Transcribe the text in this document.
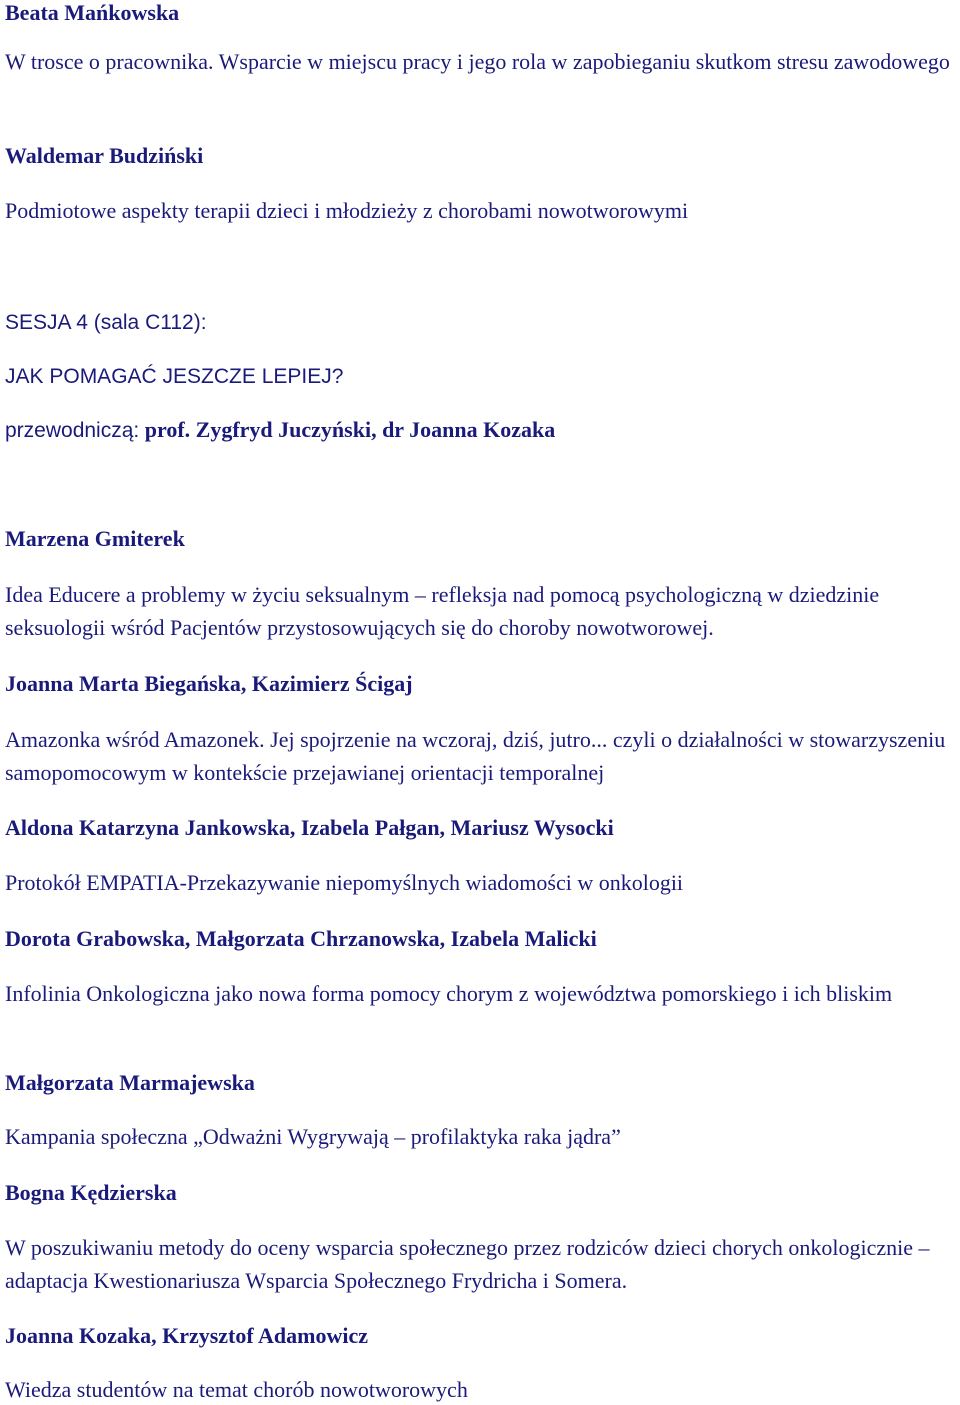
Beata Mańkowska

W trosce o pracownika. Wsparcie w miejscu pracy i jego rola w zapobieganiu skutkom stresu zawodowego

Waldemar Budziński

Podmiotowe aspekty terapii dzieci i młodzieży z chorobami nowotworowymi

SESJA 4 (sala C112):

JAK POMAGAĆ JESZCZE LEPIEJ?

przewodniczą: prof. Zygfryd Juczyński, dr Joanna Kozaka

Marzena Gmiterek

Idea Educere a problemy w życiu seksualnym – refleksja nad pomocą psychologiczną w dziedzinie seksuologii wśród Pacjentów przystosowujących się do choroby nowotworowej.

Joanna Marta Biegańska, Kazimierz Ścigaj

Amazonka wśród Amazonek. Jej spojrzenie na wczoraj, dziś, jutro... czyli o działalności w stowarzyszeniu samopomocowym w kontekście przejawianej orientacji temporalnej

Aldona Katarzyna Jankowska, Izabela Pałgan, Mariusz Wysocki

Protokół EMPATIA-Przekazywanie niepomyślnych wiadomości w onkologii

Dorota Grabowska, Małgorzata Chrzanowska, Izabela Malicki

Infolinia Onkologiczna jako nowa forma pomocy chorym z województwa pomorskiego i ich bliskim

Małgorzata Marmajewska

Kampania społeczna „Odważni Wygrywają – profilaktyka raka jądra”

Bogna Kędzierska

W poszukiwaniu metody do oceny wsparcia społecznego przez rodziców dzieci chorych onkologicznie – adaptacja Kwestionariusza Wsparcia Społecznego Frydricha i Somera.

Joanna Kozaka, Krzysztof Adamowicz

Wiedza studentów na temat chorób nowotworowych
